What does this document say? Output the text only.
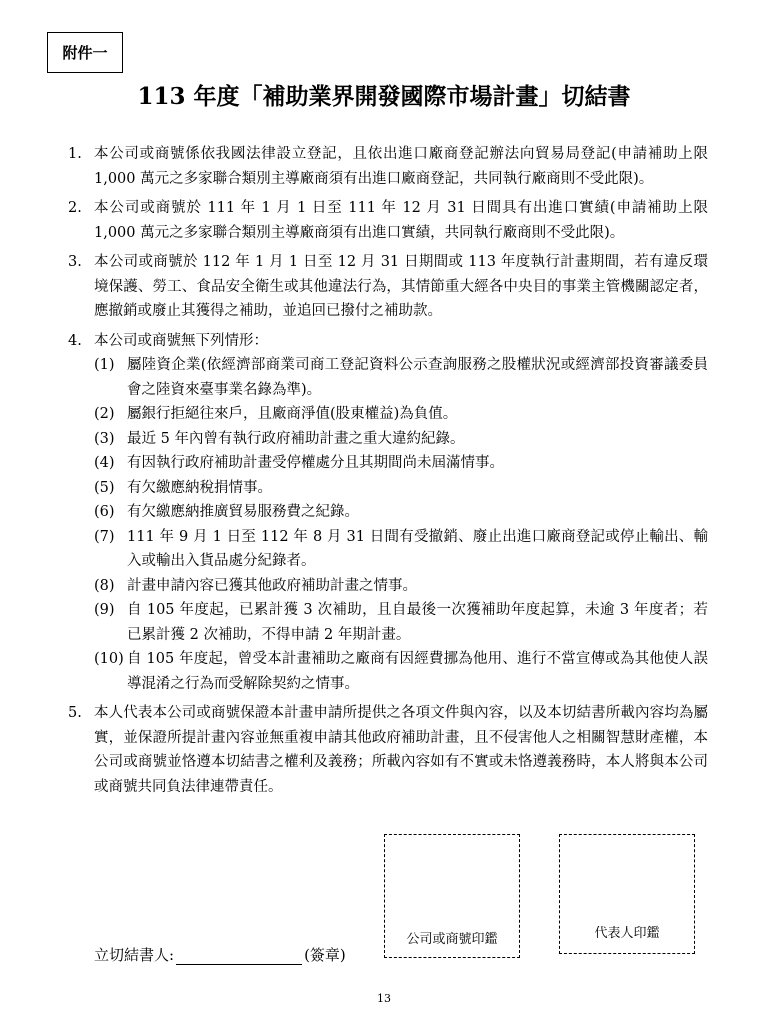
附件一
113 年度「補助業界開發國際市場計畫」切結書
1. 本公司或商號係依我國法律設立登記，且依出進口廠商登記辦法向貿易局登記(申請補助上限 1,000 萬元之多家聯合類別主導廠商須有出進口廠商登記，共同執行廠商則不受此限)。
2. 本公司或商號於 111 年 1 月 1 日至 111 年 12 月 31 日間具有出進口實績(申請補助上限 1,000 萬元之多家聯合類別主導廠商須有出進口實績，共同執行廠商則不受此限)。
3. 本公司或商號於 112 年 1 月 1 日至 12 月 31 日期間或 113 年度執行計畫期間，若有違反環境保護、勞工、食品安全衛生或其他違法行為，其情節重大經各中央目的事業主管機關認定者，應撤銷或廢止其獲得之補助，並追回已撥付之補助款。
4. 本公司或商號無下列情形：
(1) 屬陸資企業(依經濟部商業司商工登記資料公示查詢服務之股權狀況或經濟部投資審議委員會之陸資來臺事業名錄為準)。
(2) 屬銀行拒絕往來戶，且廠商淨值(股東權益)為負值。
(3) 最近 5 年內曾有執行政府補助計畫之重大違約紀錄。
(4) 有因執行政府補助計畫受停權處分且其期間尚未屆滿情事。
(5) 有欠繳應納稅捐情事。
(6) 有欠繳應納推廣貿易服務費之紀錄。
(7) 111 年 9 月 1 日至 112 年 8 月 31 日間有受撤銷、廢止出進口廠商登記或停止輸出、輸入或輸出入貨品處分紀錄者。
(8) 計畫申請內容已獲其他政府補助計畫之情事。
(9) 自 105 年度起，已累計獲 3 次補助，且自最後一次獲補助年度起算，未逾 3 年度者；若已累計獲 2 次補助，不得申請 2 年期計畫。
(10) 自 105 年度起，曾受本計畫補助之廠商有因經費挪為他用、進行不當宣傳或為其他使人誤導混淆之行為而受解除契約之情事。
5. 本人代表本公司或商號保證本計畫申請所提供之各項文件與內容，以及本切結書所載內容均為屬實，並保證所提計畫內容並無重複申請其他政府補助計畫，且不侵害他人之相關智慧財產權，本公司或商號並恪遵本切結書之權利及義務；所載內容如有不實或未恪遵義務時，本人將與本公司或商號共同負法律連帶責任。
公司或商號印鑑	代表人印鑑
立切結書人:	(簽章)
13
